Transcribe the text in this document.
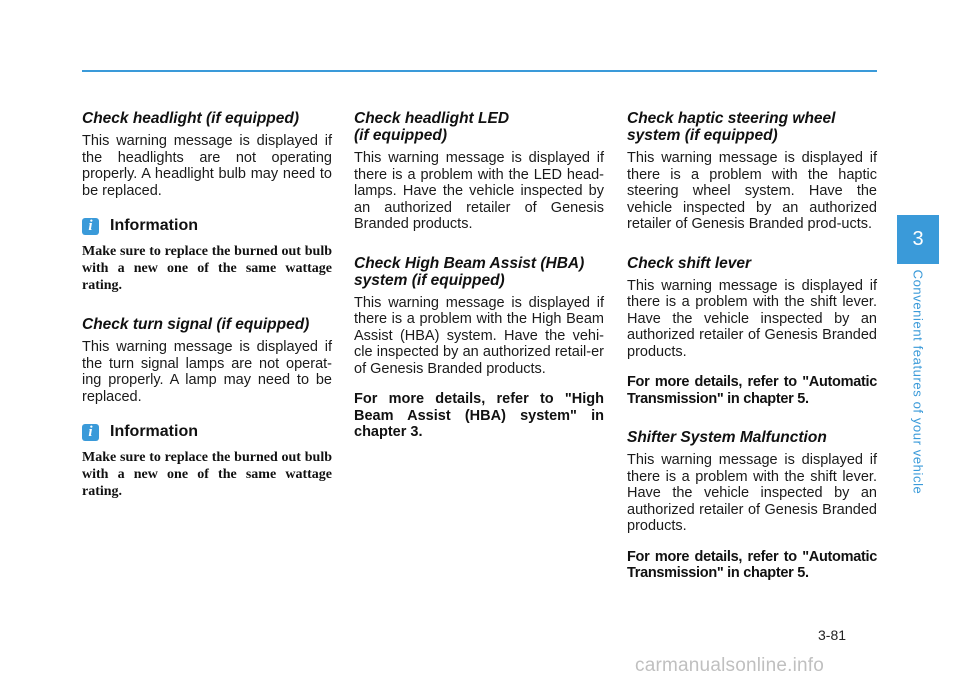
Check headlight (if equipped)

This warning message is displayed if the headlights are not operating properly. A headlight bulb may need to be replaced.

i	Information

Make sure to replace the burned out bulb with a new one of the same wattage rating.

Check turn signal (if equipped)

This warning message is displayed if the turn signal lamps are not operat-ing properly. A lamp may need to be replaced.

i	Information

Make sure to replace the burned out bulb with a new one of the same wattage rating.

Check headlight LED
(if equipped)

This warning message is displayed if there is a problem with the LED head-lamps. Have the vehicle inspected by an authorized retailer of Genesis Branded products.

Check High Beam Assist (HBA)
system (if equipped)

This warning message is displayed if there is a problem with the High Beam Assist (HBA) system. Have the vehi-cle inspected by an authorized retail-er of Genesis Branded products.

For more details, refer to "High Beam Assist (HBA) system" in chapter 3.

Check haptic steering wheel
system (if equipped)

This warning message is displayed if there is a problem with the haptic steering wheel system. Have the vehicle inspected by an authorized retailer of Genesis Branded prod-ucts.

Check shift lever

This warning message is displayed if there is a problem with the shift lever. Have the vehicle inspected by an authorized retailer of Genesis Branded products.

For more details, refer to "Automatic Transmission" in chapter 5.

Shifter System Malfunction

This warning message is displayed if there is a problem with the shift lever. Have the vehicle inspected by an authorized retailer of Genesis Branded products.

For more details, refer to "Automatic Transmission" in chapter 5.

3
Convenient features of your vehicle
3-81
carmanualsonline.info
